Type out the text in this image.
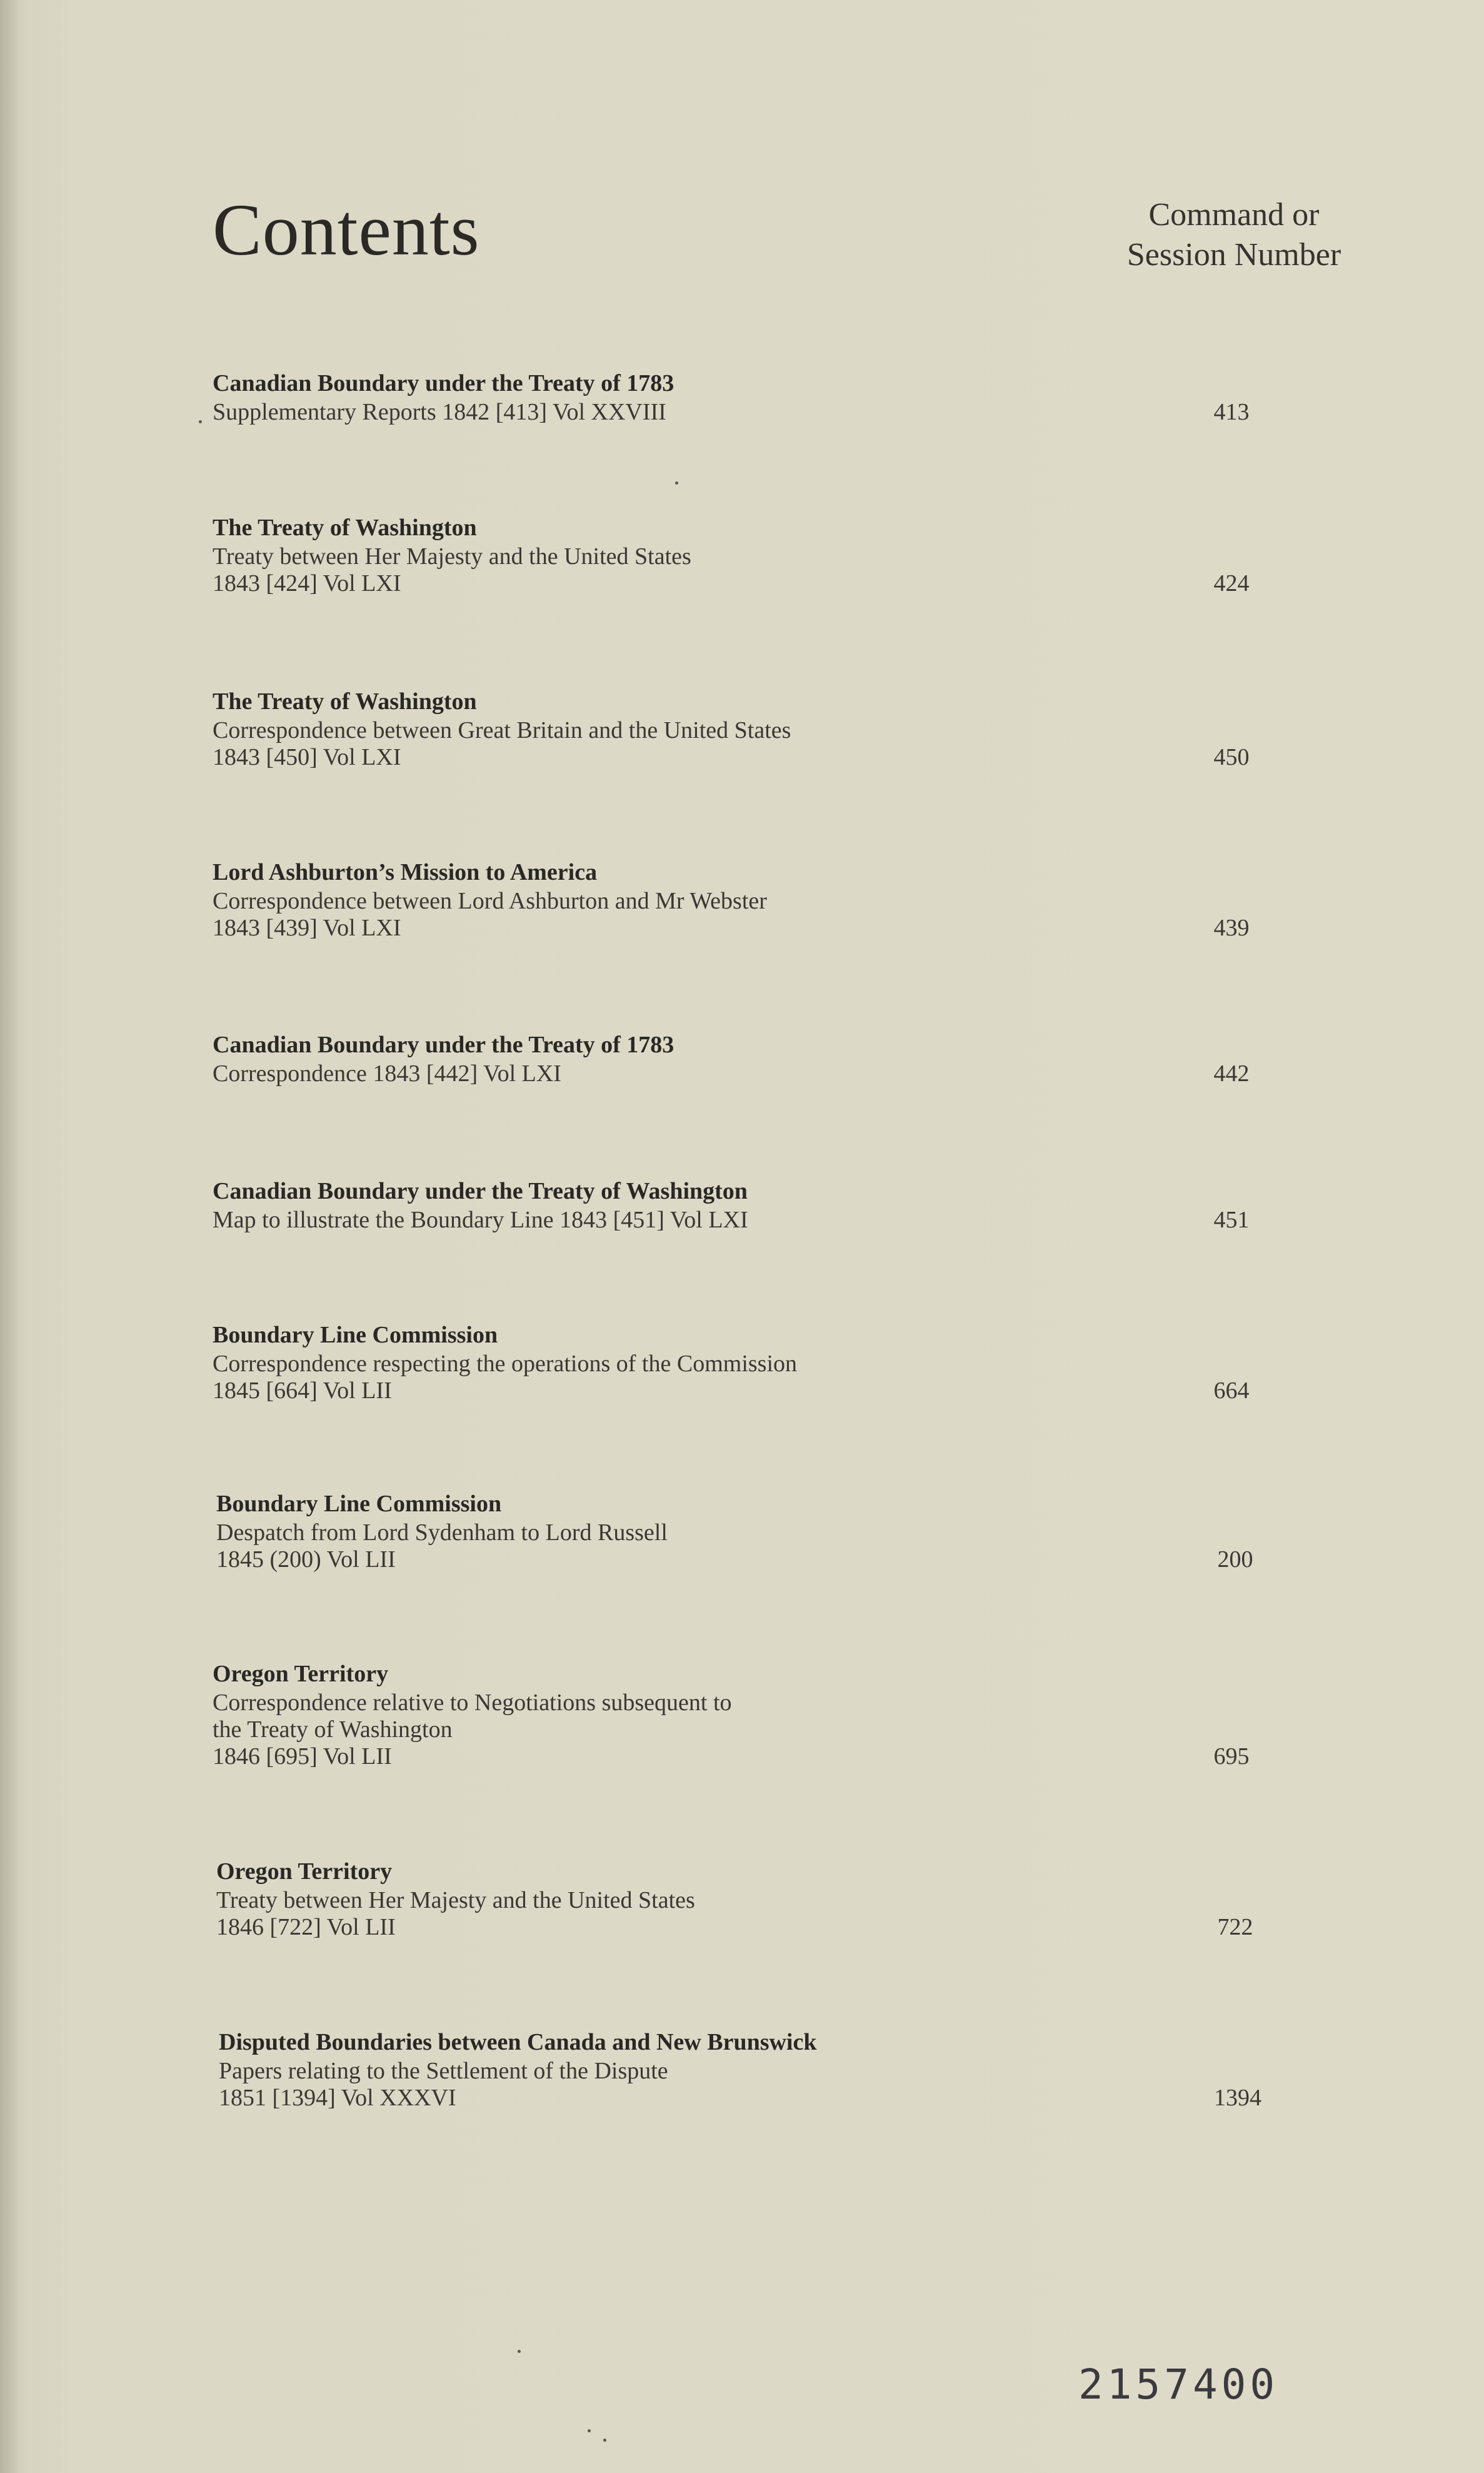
Contents	Command or
Session Number
Canadian Boundary under the Treaty of 1783
Supplementary Reports 1842 [413] Vol XXVIII	413
The Treaty of Washington
Treaty between Her Majesty and the United States
1843 [424] Vol LXI	424
The Treaty of Washington
Correspondence between Great Britain and the United States
1843 [450] Vol LXI	450
Lord Ashburton’s Mission to America
Correspondence between Lord Ashburton and Mr Webster
1843 [439] Vol LXI	439
Canadian Boundary under the Treaty of 1783
Correspondence 1843 [442] Vol LXI	442
Canadian Boundary under the Treaty of Washington
Map to illustrate the Boundary Line 1843 [451] Vol LXI	451
Boundary Line Commission
Correspondence respecting the operations of the Commission
1845 [664] Vol LII	664
Boundary Line Commission
Despatch from Lord Sydenham to Lord Russell
1845 (200) Vol LII	200
Oregon Territory
Correspondence relative to Negotiations subsequent to
the Treaty of Washington
1846 [695] Vol LII	695
Oregon Territory
Treaty between Her Majesty and the United States
1846 [722] Vol LII	722
Disputed Boundaries between Canada and New Brunswick
Papers relating to the Settlement of the Dispute
1851 [1394] Vol XXXVI	1394
2157400
